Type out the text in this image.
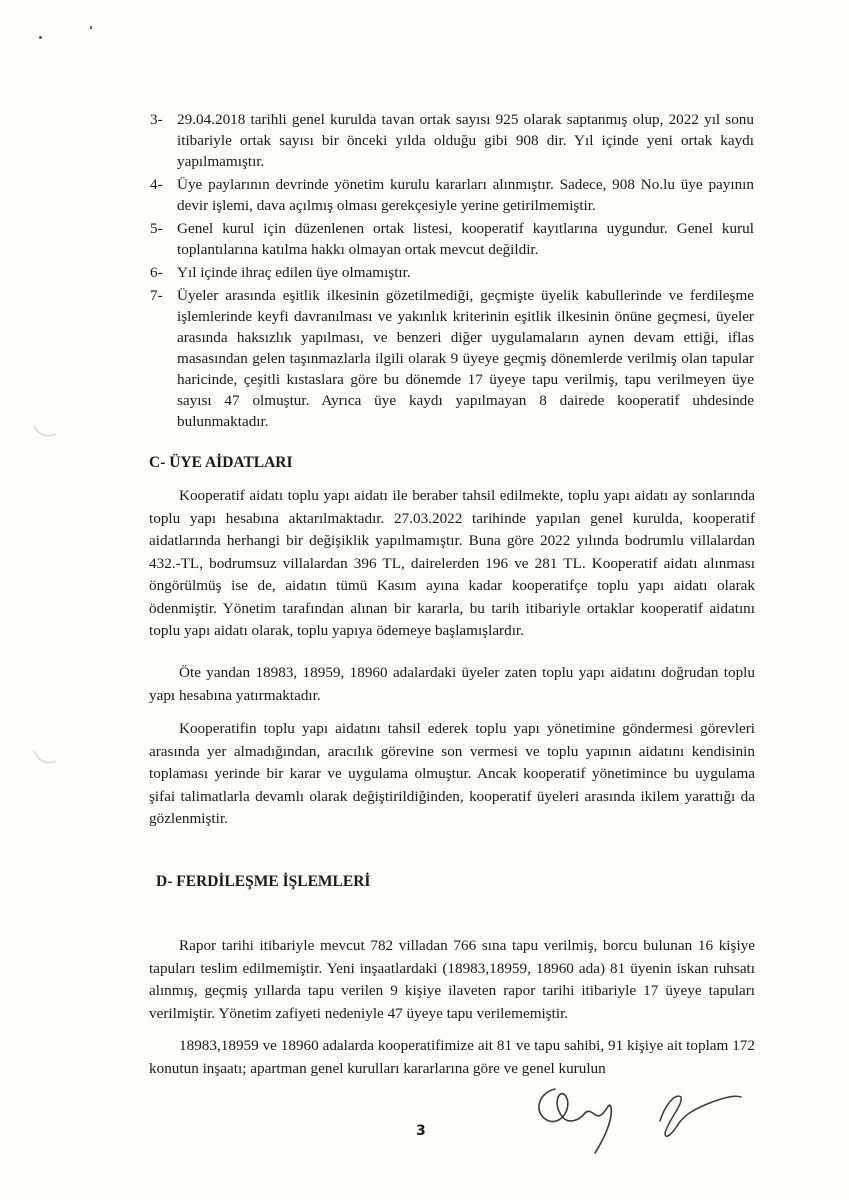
3- 29.04.2018 tarihli genel kurulda tavan ortak sayısı 925 olarak saptanmış olup, 2022 yıl sonu itibariyle ortak sayısı bir önceki yılda olduğu gibi 908 dir. Yıl içinde yeni ortak kaydı yapılmamıştır.
4- Üye paylarının devrinde yönetim kurulu kararları alınmıştır. Sadece, 908 No.lu üye payının devir işlemi, dava açılmış olması gerekçesiyle yerine getirilmemiştir.
5- Genel kurul için düzenlenen ortak listesi, kooperatif kayıtlarına uygundur. Genel kurul toplantılarına katılma hakkı olmayan ortak mevcut değildir.
6- Yıl içinde ihraç edilen üye olmamıştır.
7- Üyeler arasında eşitlik ilkesinin gözetilmediği, geçmişte üyelik kabullerinde ve ferdileşme işlemlerinde keyfi davranılması ve yakınlık kriterinin eşitlik ilkesinin önüne geçmesi, üyeler arasında haksızlık yapılması, ve benzeri diğer uygulamaların aynen devam ettiği, iflas masasından gelen taşınmazlarla ilgili olarak 9 üyeye geçmiş dönemlerde verilmiş olan tapular haricinde, çeşitli kıstaslara göre bu dönemde 17 üyeye tapu verilmiş, tapu verilmeyen üye sayısı 47 olmuştur. Ayrıca üye kaydı yapılmayan 8 dairede kooperatif uhdesinde bulunmaktadır.
C- ÜYE AİDATLARI

Kooperatif aidatı toplu yapı aidatı ile beraber tahsil edilmekte, toplu yapı aidatı ay sonlarında toplu yapı hesabına aktarılmaktadır. 27.03.2022 tarihinde yapılan genel kurulda, kooperatif aidatlarında herhangi bir değişiklik yapılmamıştır. Buna göre 2022 yılında bodrumlu villalardan 432.-TL, bodrumsuz villalardan 396 TL, dairelerden 196 ve 281 TL. Kooperatif aidatı alınması öngörülmüş ise de, aidatın tümü Kasım ayına kadar kooperatifçe toplu yapı aidatı olarak ödenmiştir. Yönetim tarafından alınan bir kararla, bu tarih itibariyle ortaklar kooperatif aidatını toplu yapı aidatı olarak, toplu yapıya ödemeye başlamışlardır.

Öte yandan 18983, 18959, 18960 adalardaki üyeler zaten toplu yapı aidatını doğrudan toplu yapı hesabına yatırmaktadır.

Kooperatifin toplu yapı aidatını tahsil ederek toplu yapı yönetimine göndermesi görevleri arasında yer almadığından, aracılık görevine son vermesi ve toplu yapının aidatını kendisinin toplaması yerinde bir karar ve uygulama olmuştur. Ancak kooperatif yönetimince bu uygulama şifai talimatlarla devamlı olarak değiştirildiğinden, kooperatif üyeleri arasında ikilem yarattığı da gözlenmiştir.

D- FERDİLEŞME İŞLEMLERİ

Rapor tarihi itibariyle mevcut 782 villadan 766 sına tapu verilmiş, borcu bulunan 16 kişiye tapuları teslim edilmemiştir. Yeni inşaatlardaki (18983,18959, 18960 ada) 81 üyenin iskan ruhsatı alınmış, geçmiş yıllarda tapu verilen 9 kişiye ilaveten rapor tarihi itibariyle 17 üyeye tapuları verilmiştir. Yönetim zafiyeti nedeniyle 47 üyeye tapu verilememiştir.

18983,18959 ve 18960 adalarda kooperatifimize ait 81 ve tapu sahibi, 91 kişiye ait toplam 172 konutun inşaatı; apartman genel kurulları kararlarına göre ve genel kurulun

3
